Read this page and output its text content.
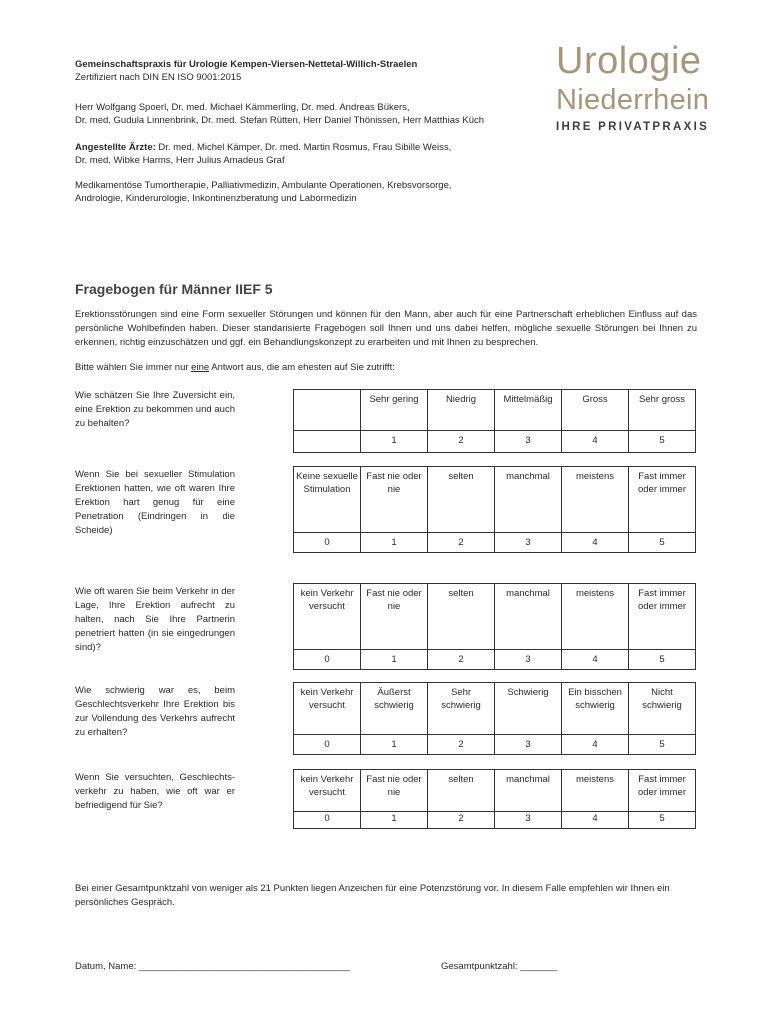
Gemeinschaftspraxis für Urologie Kempen-Viersen-Nettetal-Willich-Straelen
Zertifiziert nach DIN EN ISO 9001:2015
Herr Wolfgang Spoerl, Dr. med. Michael Kämmerling, Dr. med. Andreas Bükers,
Dr. med. Gudula Linnenbrink, Dr. med. Stefan Rütten, Herr Daniel Thönissen, Herr Matthias Küch
Angestellte Ärzte: Dr. med. Michel Kämper, Dr. med. Martin Rosmus, Frau Sibille Weiss,
Dr. med. Wibke Harms, Herr Julius Amadeus Graf
Medikamentöse Tumortherapie, Palliativmedizin, Ambulante Operationen, Krebsvorsorge,
Andrologie, Kinderurologie, Inkontinenzberatung und Labormedizin
Urologie
Niederrhein
IHRE PRIVATPRAXIS
Fragebogen für Männer IIEF 5
Erektionsstörungen sind eine Form sexueller Störungen und können für den Mann, aber auch für eine Partnerschaft erheblichen Einfluss auf das persönliche Wohlbefinden haben. Dieser standarisierte Fragebogen soll Ihnen und uns dabei helfen, mögliche sexuelle Störungen bei Ihnen zu erkennen, richtig einzuschätzen und ggf. ein Behandlungskonzept zu erarbeiten und mit Ihnen zu besprechen.
Bitte wählen Sie immer nur eine Antwort aus, die am ehesten auf Sie zutrifft:
Wie schätzen Sie Ihre Zuversicht ein, eine Erektion zu bekommen und auch zu behalten?
	Sehr gering	Niedrig	Mittelmäßig	Gross	Sehr gross
	1	2	3	4	5
Wenn Sie bei sexueller Stimulation Erektionen hatten, wie oft waren Ihre Erektion hart genug für eine Penetration (Eindringen in die Scheide)
Keine sexuelle Stimulation	Fast nie oder nie	selten	manchmal	meistens	Fast immer oder immer
0	1	2	3	4	5
Wie oft waren Sie beim Verkehr in der Lage, Ihre Erektion aufrecht zu halten, nach Sie Ihre Partnerin penetriert hatten (in sie eingedrungen sind)?
kein Verkehr versucht	Fast nie oder nie	selten	manchmal	meistens	Fast immer oder immer
0	1	2	3	4	5
Wie schwierig war es, beim Geschlechtsverkehr Ihre Erektion bis zur Vollendung des Verkehrs aufrecht zu erhalten?
kein Verkehr versucht	Äußerst schwierig	Sehr schwierig	Schwierig	Ein bisschen schwierig	Nicht schwierig
0	1	2	3	4	5
Wenn Sie versuchten, Geschlechts-verkehr zu haben, wie oft war er befriedigend für Sie?
kein Verkehr versucht	Fast nie oder nie	selten	manchmal	meistens	Fast immer oder immer
0	1	2	3	4	5
Bei einer Gesamtpunktzahl von weniger als 21 Punkten liegen Anzeichen für eine Potenzstörung vor. In diesem Falle empfehlen wir Ihnen ein persönliches Gespräch.
Datum, Name: ________________________________________	Gesamtpunktzahl: _______
